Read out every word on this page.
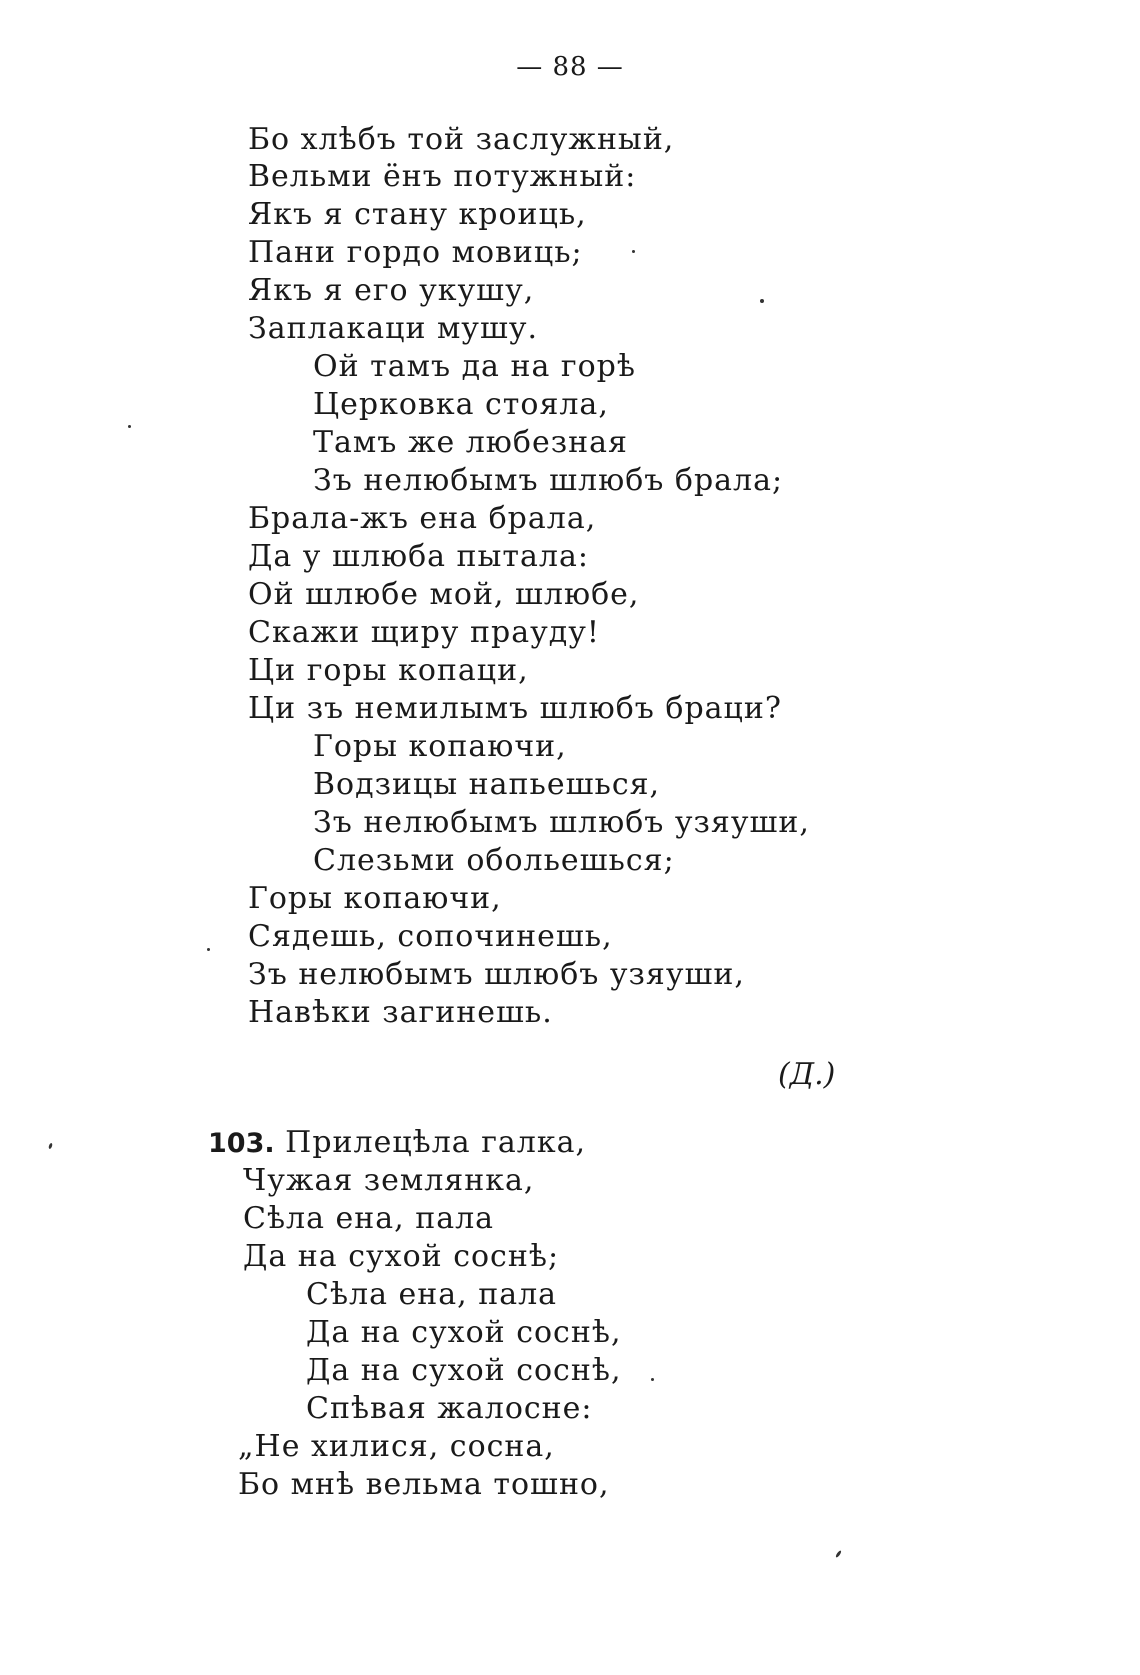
— 88 —
Бо хлѣбъ той заслужный,
Вельми ёнъ потужный:
Якъ я стану кроиць,
Пани гордо мовиць;
Якъ я его укушу,
Заплакаци мушу.
Ой тамъ да на горѣ
Церковка стояла,
Тамъ же любезная
Зъ нелюбымъ шлюбъ брала;
Брала-жъ ена брала,
Да у шлюба пытала:
Ой шлюбе мой, шлюбе,
Скажи щиру прауду!
Ци горы копаци,
Ци зъ немилымъ шлюбъ браци?
Горы копаючи,
Водзицы напьешься,
Зъ нелюбымъ шлюбъ узяуши,
Слезьми обольешься;
Горы копаючи,
Сядешь, сопочинешь,
Зъ нелюбымъ шлюбъ узяуши,
Навѣки загинешь.
(Д.)
103. Прилецѣла галка,
Чужая землянка,
Сѣла ена, пала
Да на сухой соснѣ;
Сѣла ена, пала
Да на сухой соснѣ,
Да на сухой соснѣ,
Спѣвая жалосне:
„Не хилися, сосна,
Бо мнѣ вельма тошно,
